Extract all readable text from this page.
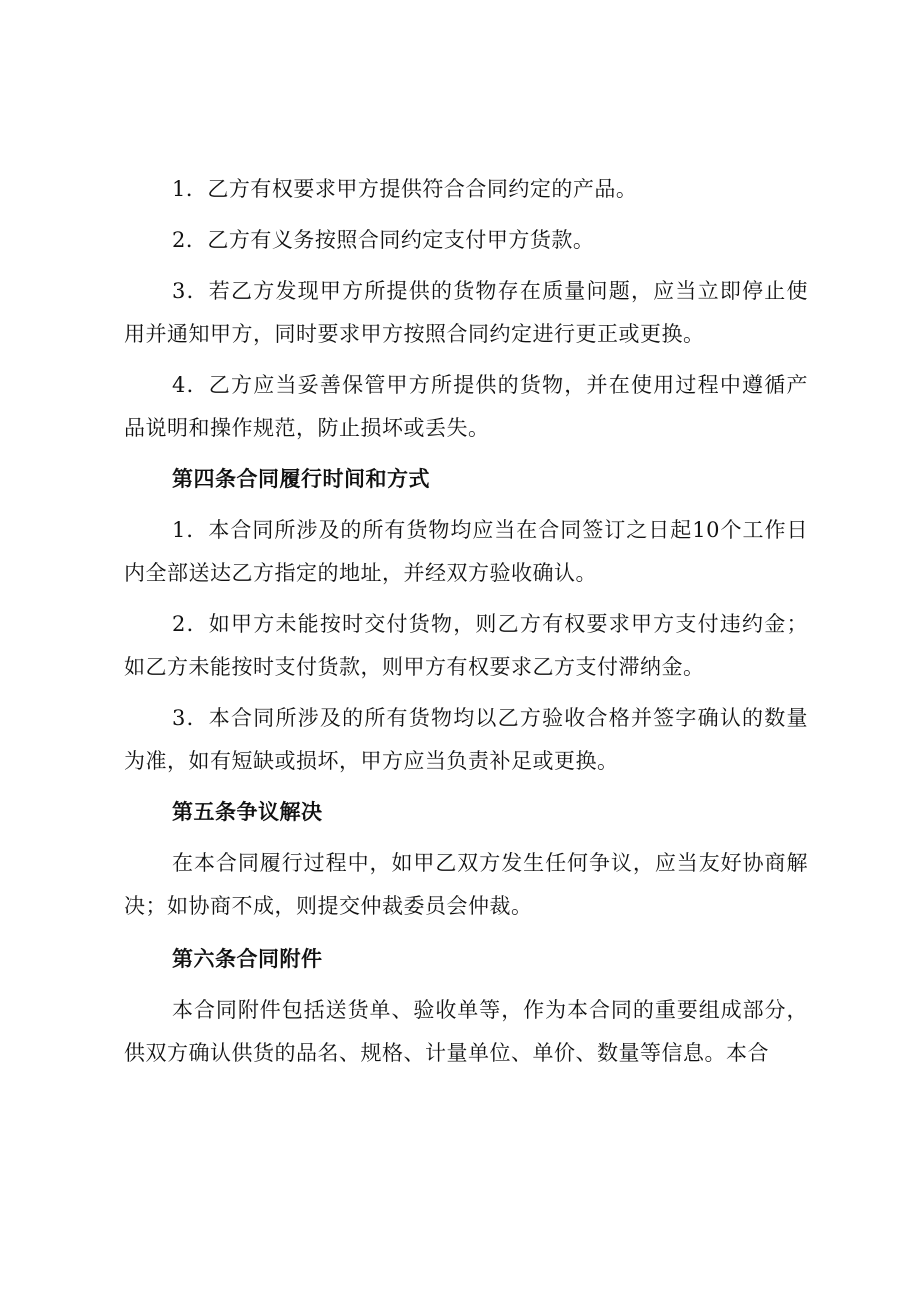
1．乙方有权要求甲方提供符合合同约定的产品。

2．乙方有义务按照合同约定支付甲方货款。

3．若乙方发现甲方所提供的货物存在质量问题，应当立即停止使用并通知甲方，同时要求甲方按照合同约定进行更正或更换。

4．乙方应当妥善保管甲方所提供的货物，并在使用过程中遵循产品说明和操作规范，防止损坏或丢失。

第四条合同履行时间和方式

1．本合同所涉及的所有货物均应当在合同签订之日起10个工作日内全部送达乙方指定的地址，并经双方验收确认。

2．如甲方未能按时交付货物，则乙方有权要求甲方支付违约金；如乙方未能按时支付货款，则甲方有权要求乙方支付滞纳金。

3．本合同所涉及的所有货物均以乙方验收合格并签字确认的数量为准，如有短缺或损坏，甲方应当负责补足或更换。

第五条争议解决

在本合同履行过程中，如甲乙双方发生任何争议，应当友好协商解决；如协商不成，则提交仲裁委员会仲裁。

第六条合同附件

本合同附件包括送货单、验收单等，作为本合同的重要组成部分，供双方确认供货的品名、规格、计量单位、单价、数量等信息。本合
